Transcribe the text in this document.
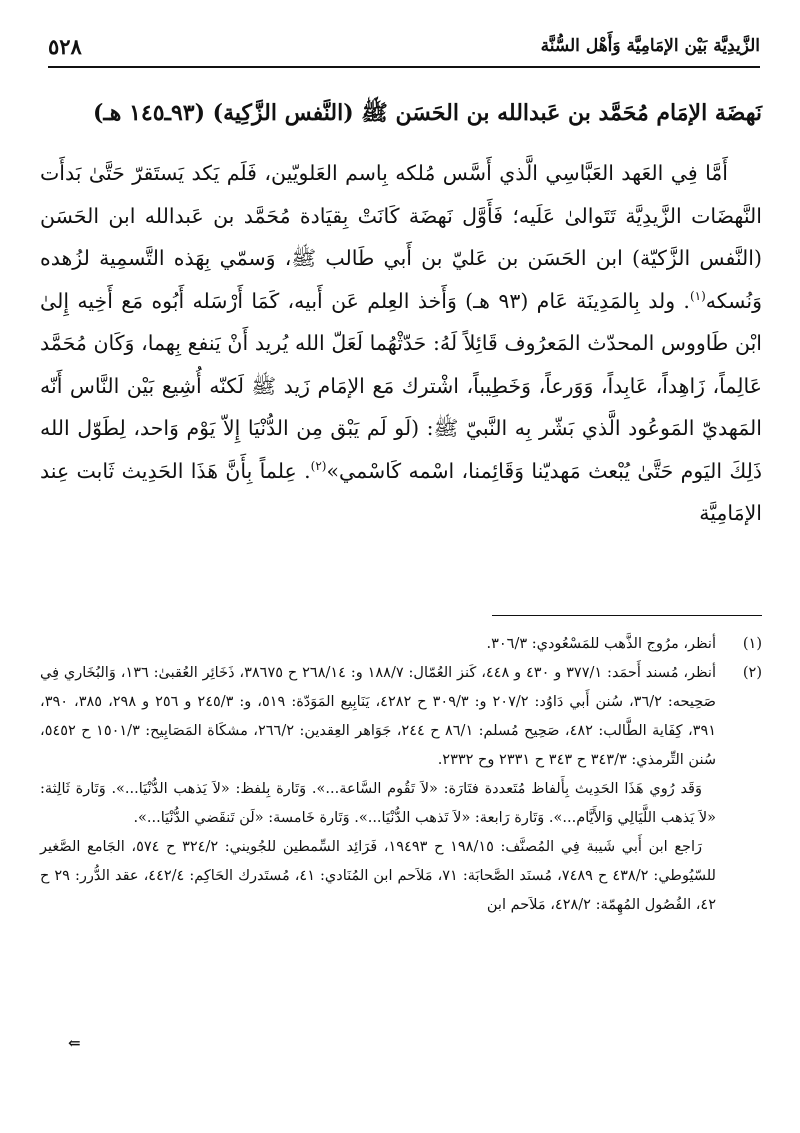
الزَّيدِيَّة بَيْن الإمَامِيَّة وَأَهْل السُّنَّة
٥٢٨
نَهضَة الإمَام مُحَمَّد بن عَبدالله بن الحَسَن ﷺ (النَّفس الزَّكِية) (٩٣ـ١٤٥ هـ)

أَمَّا فِي العَهد العَبَّاسِي الَّذي أَسَّس مُلكه بِاسم العَلويّين، فَلَم يَكد يَستَقرّ حَتَّىٰ بَدأَت النَّهضَات الزَّيدِيَّة تَتَوالىٰ عَلَيه؛ فَأَوَّل نَهضَة كَانَتْ بِقيَادة مُحَمَّد بن عَبدالله ابن الحَسَن (النَّفس الزَّكيّة) ابن الحَسَن بن عَليّ بن أَبي طَالب ﷺ، وَسمّي بِهَذه التَّسمِية لزُهده وَنُسكه$^{(١)}$. ولد بِالمَدِينَة عَام (٩٣ هـ) وَأَخذ العِلم عَن أَبيه، كَمَا أَرْسَله أَبُوه مَع أَخِيه إِلىٰ ابْن طَاووس المحدّث المَعرُوف قَائِلاً لَهُ: حَدّثْهُما لَعَلّ الله يُريد أَنْ يَنفع بِهما، وَكَان مُحَمَّد عَالِماً، زَاهِداً، عَابِداً، وَوَرعاً، وَخَطِيباً، اشْترك مَع الإمَام زَيد ﷺ لَكنّه أُشِيع بَيْن النَّاس أَنّه المَهديّ المَوعُود الَّذي بَشّر بِه النَّبيّ ﷺ: (لَو لَم يَبْق مِن الدُّنْيَا إِلاّ يَوْم وَاحد، لِطَوّل الله ذَلِكَ اليَوم حَتَّىٰ يُبْعث مَهديّنا وَقَائِمنا، اسْمه كَاسْمي»$^{(٢)}$. عِلماً بِأَنَّ هَذَا الحَدِيث ثَابت عِند الإمَامِيَّة

(١)
أنظر، مرُوج الذَّهب للمَسْعُودي: ٣٠٦/٣.
(٢)
أنظر، مُسند أَحمَد: ٣٧٧/١ و ٤٣٠ و ٤٤٨، كَنز العُمّال: ١٨٨/٧ و: ٢٦٨/١٤ ح ٣٨٦٧٥، ذَخَائِر العُقبىٰ: ١٣٦، وَالبُخَاري فِي صَحِيحه: ٣٦/٢، سُنن أَبي دَاوُد: ٢٠٧/٢ و: ٣٠٩/٣ ح ٤٢٨٢، يَنَابِيع المَوَدّة: ٥١٩، و: ٢٤٥/٣ و ٢٥٦ و ٢٩٨، ٣٨٥، ٣٩٠، ٣٩١، كِفَاية الطَّالب: ٤٨٢، صَحِيح مُسلم: ٨٦/١ ح ٢٤٤، جَوَاهر العِقدين: ٢٦٦/٢، مشكَاة المَصَابِيح: ١٥٠١/٣ ح ٥٤٥٢، سُنن التِّرمذي: ٣٤٣/٣ ح ٣٤٣ ح ٢٣٣١ وح ٢٣٣٢.

وَقَد رُوي هَذَا الحَدِيث بِأَلفاظ مُتَعددة فتَارَة: «لاَ تَقُوم السَّاعة...». وَتَارة بِلفظ: «لاَ يَذهب الدُّنْيَا...». وَتَارة ثَالِثة: «لاَ يَذهب اللَّيَالِي وَالأَيَّام...». وَتَارة رَابعة: «لاَ تَذهب الدُّنْيَا...». وَتَارة خَامسة: «لَن تَنقَضي الدُّنْيَا...».

رَاجع ابن أَبي شَيبة فِي المُصنَّف: ١٩٨/١٥ ح ١٩٤٩٣، فَرَائِد السِّمطين للجُويني: ٣٢٤/٢ ح ٥٧٤، الجَامع الصَّغير للسّيُوطي: ٤٣٨/٢ ح ٧٤٨٩، مُسنَد الصَّحابَة: ٧١، مَلاَحم ابن المُنَادي: ٤١، مُستَدرك الحَاكِم: ٤٤٢/٤، عقد الدُّرر: ٢٩ ح ٤٢، الفُصُول المُهِمّة: ٤٢٨/٢، مَلاَحم ابن

⇐
